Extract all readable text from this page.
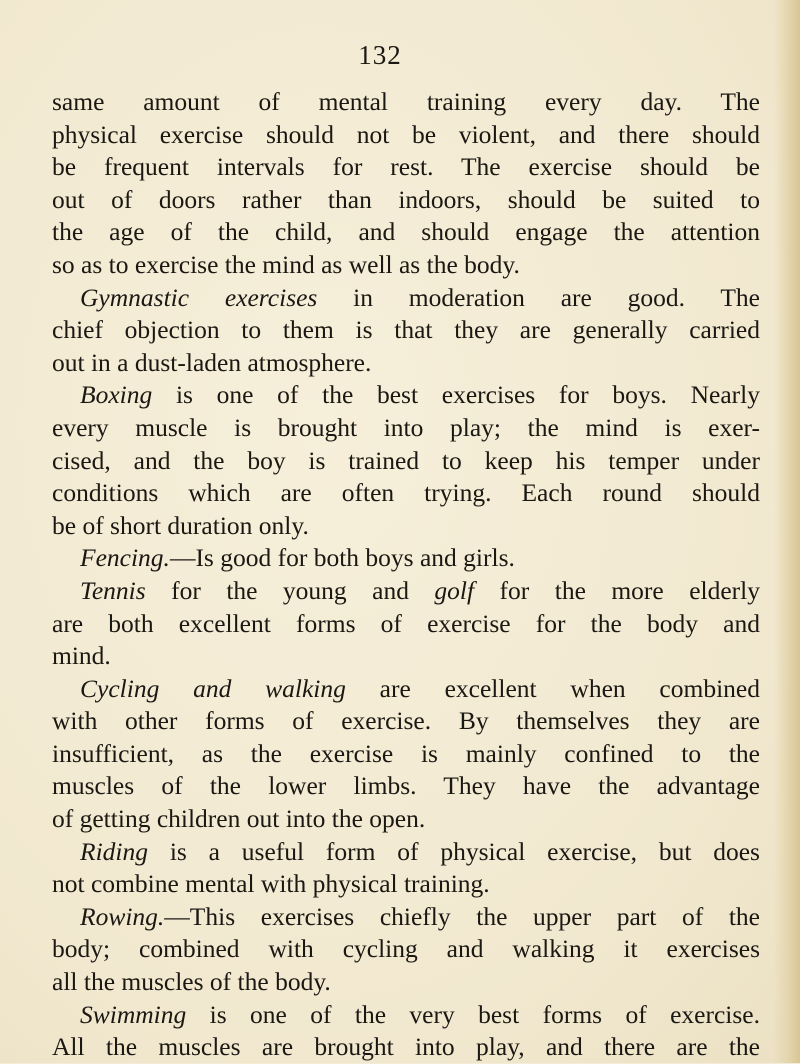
132
same amount of mental training every day. The
physical exercise should not be violent, and there should
be frequent intervals for rest. The exercise should be
out of doors rather than indoors, should be suited to
the age of the child, and should engage the attention
so as to exercise the mind as well as the body.
Gymnastic exercises in moderation are good. The
chief objection to them is that they are generally carried
out in a dust-laden atmosphere.
Boxing is one of the best exercises for boys. Nearly
every muscle is brought into play; the mind is exer-
cised, and the boy is trained to keep his temper under
conditions which are often trying. Each round should
be of short duration only.
Fencing.—Is good for both boys and girls.
Tennis for the young and golf for the more elderly
are both excellent forms of exercise for the body and
mind.
Cycling and walking are excellent when combined
with other forms of exercise. By themselves they are
insufficient, as the exercise is mainly confined to the
muscles of the lower limbs. They have the advantage
of getting children out into the open.
Riding is a useful form of physical exercise, but does
not combine mental with physical training.
Rowing.—This exercises chiefly the upper part of the
body; combined with cycling and walking it exercises
all the muscles of the body.
Swimming is one of the very best forms of exercise.
All the muscles are brought into play, and there are the
